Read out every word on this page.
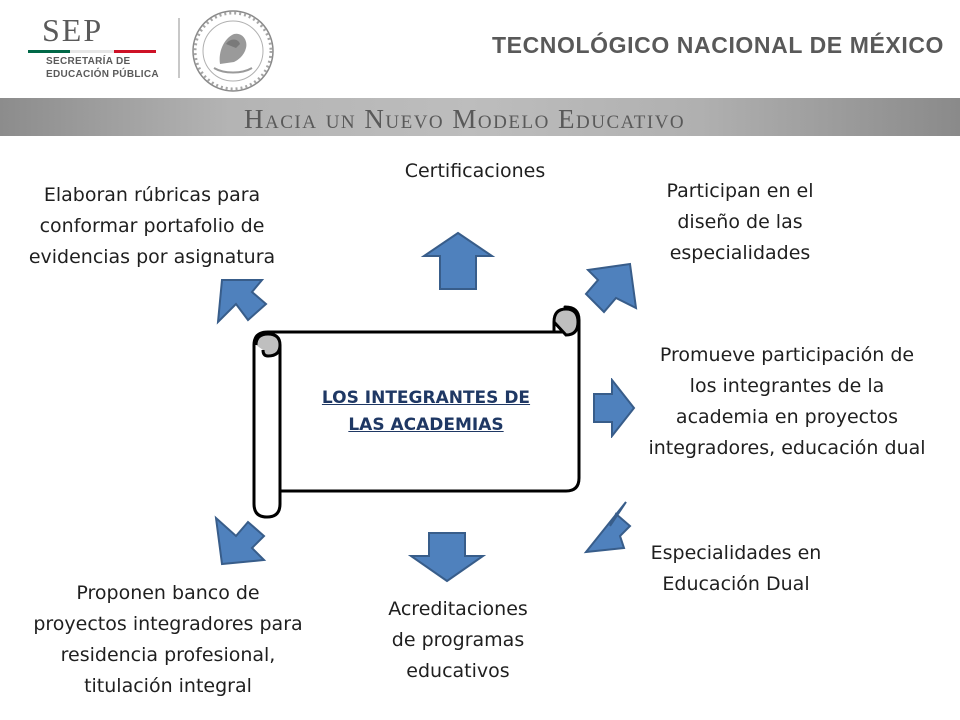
SEP
SECRETARÍA DE
EDUCACIÓN PÚBLICA
TECNOLÓGICO NACIONAL DE MÉXICO
Hacia un Nuevo Modelo Educativo
LOS INTEGRANTES DE
LAS ACADEMIAS
Certificaciones
Participan en el
diseño de las
especialidades
Promueve participación de
los integrantes de la
academia en proyectos
integradores, educación dual
Especialidades en
Educación Dual
Acreditaciones
de programas
educativos
Proponen banco de
proyectos integradores para
residencia profesional,
titulación integral
Elaboran rúbricas para
conformar portafolio de
evidencias por asignatura
